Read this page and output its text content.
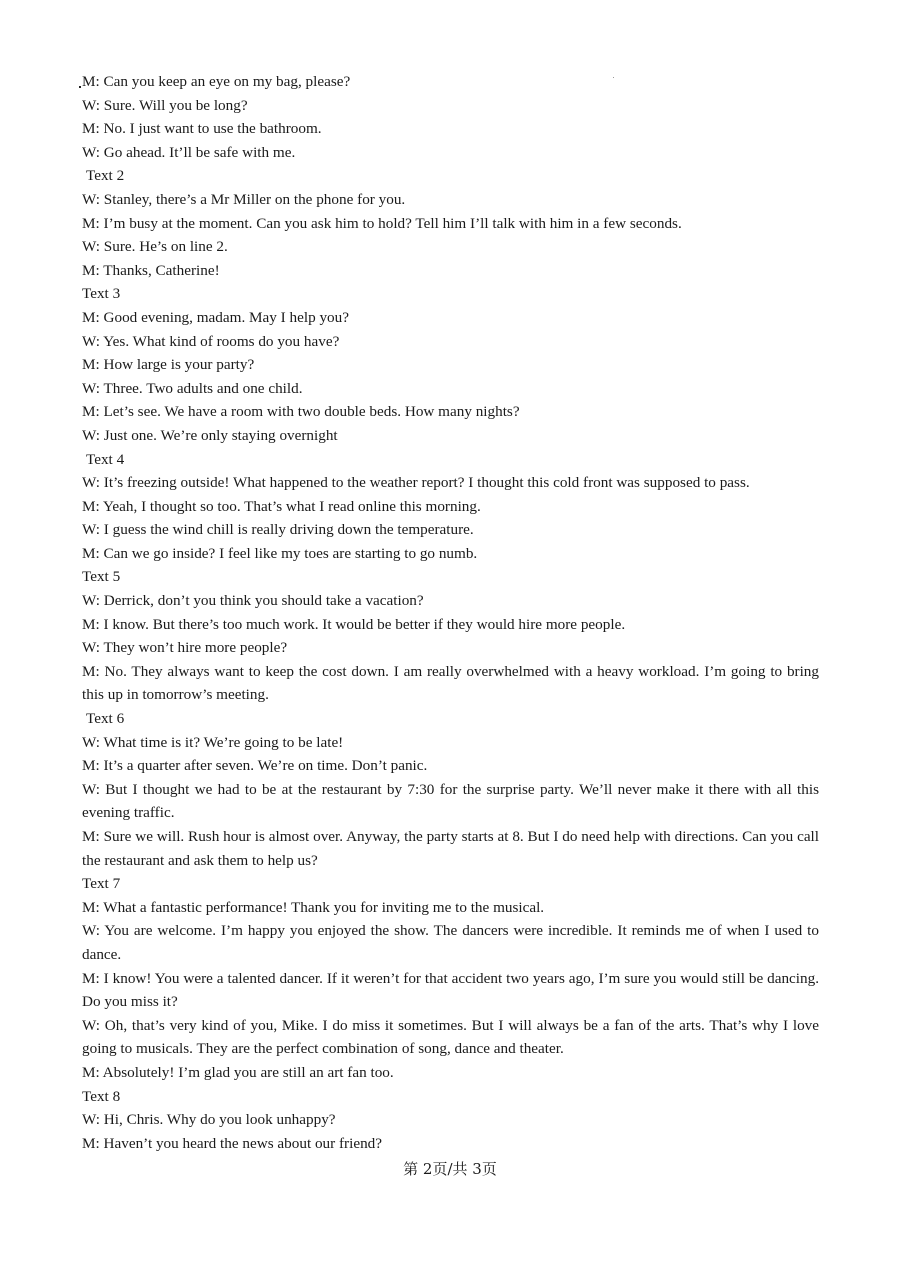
M: Can you keep an eye on my bag, please?

W: Sure. Will you be long?

M: No. I just want to use the bathroom.

W: Go ahead. It’ll be safe with me.

Text 2

W: Stanley, there’s a Mr Miller on the phone for you.

M: I’m busy at the moment. Can you ask him to hold? Tell him I’ll talk with him in a few seconds.

W: Sure. He’s on line 2.

M: Thanks, Catherine!

Text 3

M: Good evening, madam. May I help you?

W: Yes. What kind of rooms do you have?

M: How large is your party?

W: Three. Two adults and one child.

M: Let’s see. We have a room with two double beds. How many nights?

W: Just one. We’re only staying overnight

Text 4

W: It’s freezing outside! What happened to the weather report? I thought this cold front was supposed to pass.

M: Yeah, I thought so too. That’s what I read online this morning.

W: I guess the wind chill is really driving down the temperature.

M: Can we go inside? I feel like my toes are starting to go numb.

Text 5

W: Derrick, don’t you think you should take a vacation?

M: I know. But there’s too much work. It would be better if they would hire more people.

W: They won’t hire more people?

M: No. They always want to keep the cost down. I am really overwhelmed with a heavy workload. I’m going to bring this up in tomorrow’s meeting.

Text 6

W: What time is it? We’re going to be late!

M: It’s a quarter after seven. We’re on time. Don’t panic.

W: But I thought we had to be at the restaurant by 7:30 for the surprise party. We’ll never make it there with all this evening traffic.

M: Sure we will. Rush hour is almost over. Anyway, the party starts at 8. But I do need help with directions. Can you call the restaurant and ask them to help us?

Text 7

M: What a fantastic performance! Thank you for inviting me to the musical.

W: You are welcome. I’m happy you enjoyed the show. The dancers were incredible. It reminds me of when I used to dance.

M: I know! You were a talented dancer. If it weren’t for that accident two years ago, I’m sure you would still be dancing. Do you miss it?

W: Oh, that’s very kind of you, Mike. I do miss it sometimes. But I will always be a fan of the arts. That’s why I love going to musicals. They are the perfect combination of song, dance and theater.

M: Absolutely! I’m glad you are still an art fan too.

Text 8

W: Hi, Chris. Why do you look unhappy?

M: Haven’t you heard the news about our friend?

第 2页/共 3页
